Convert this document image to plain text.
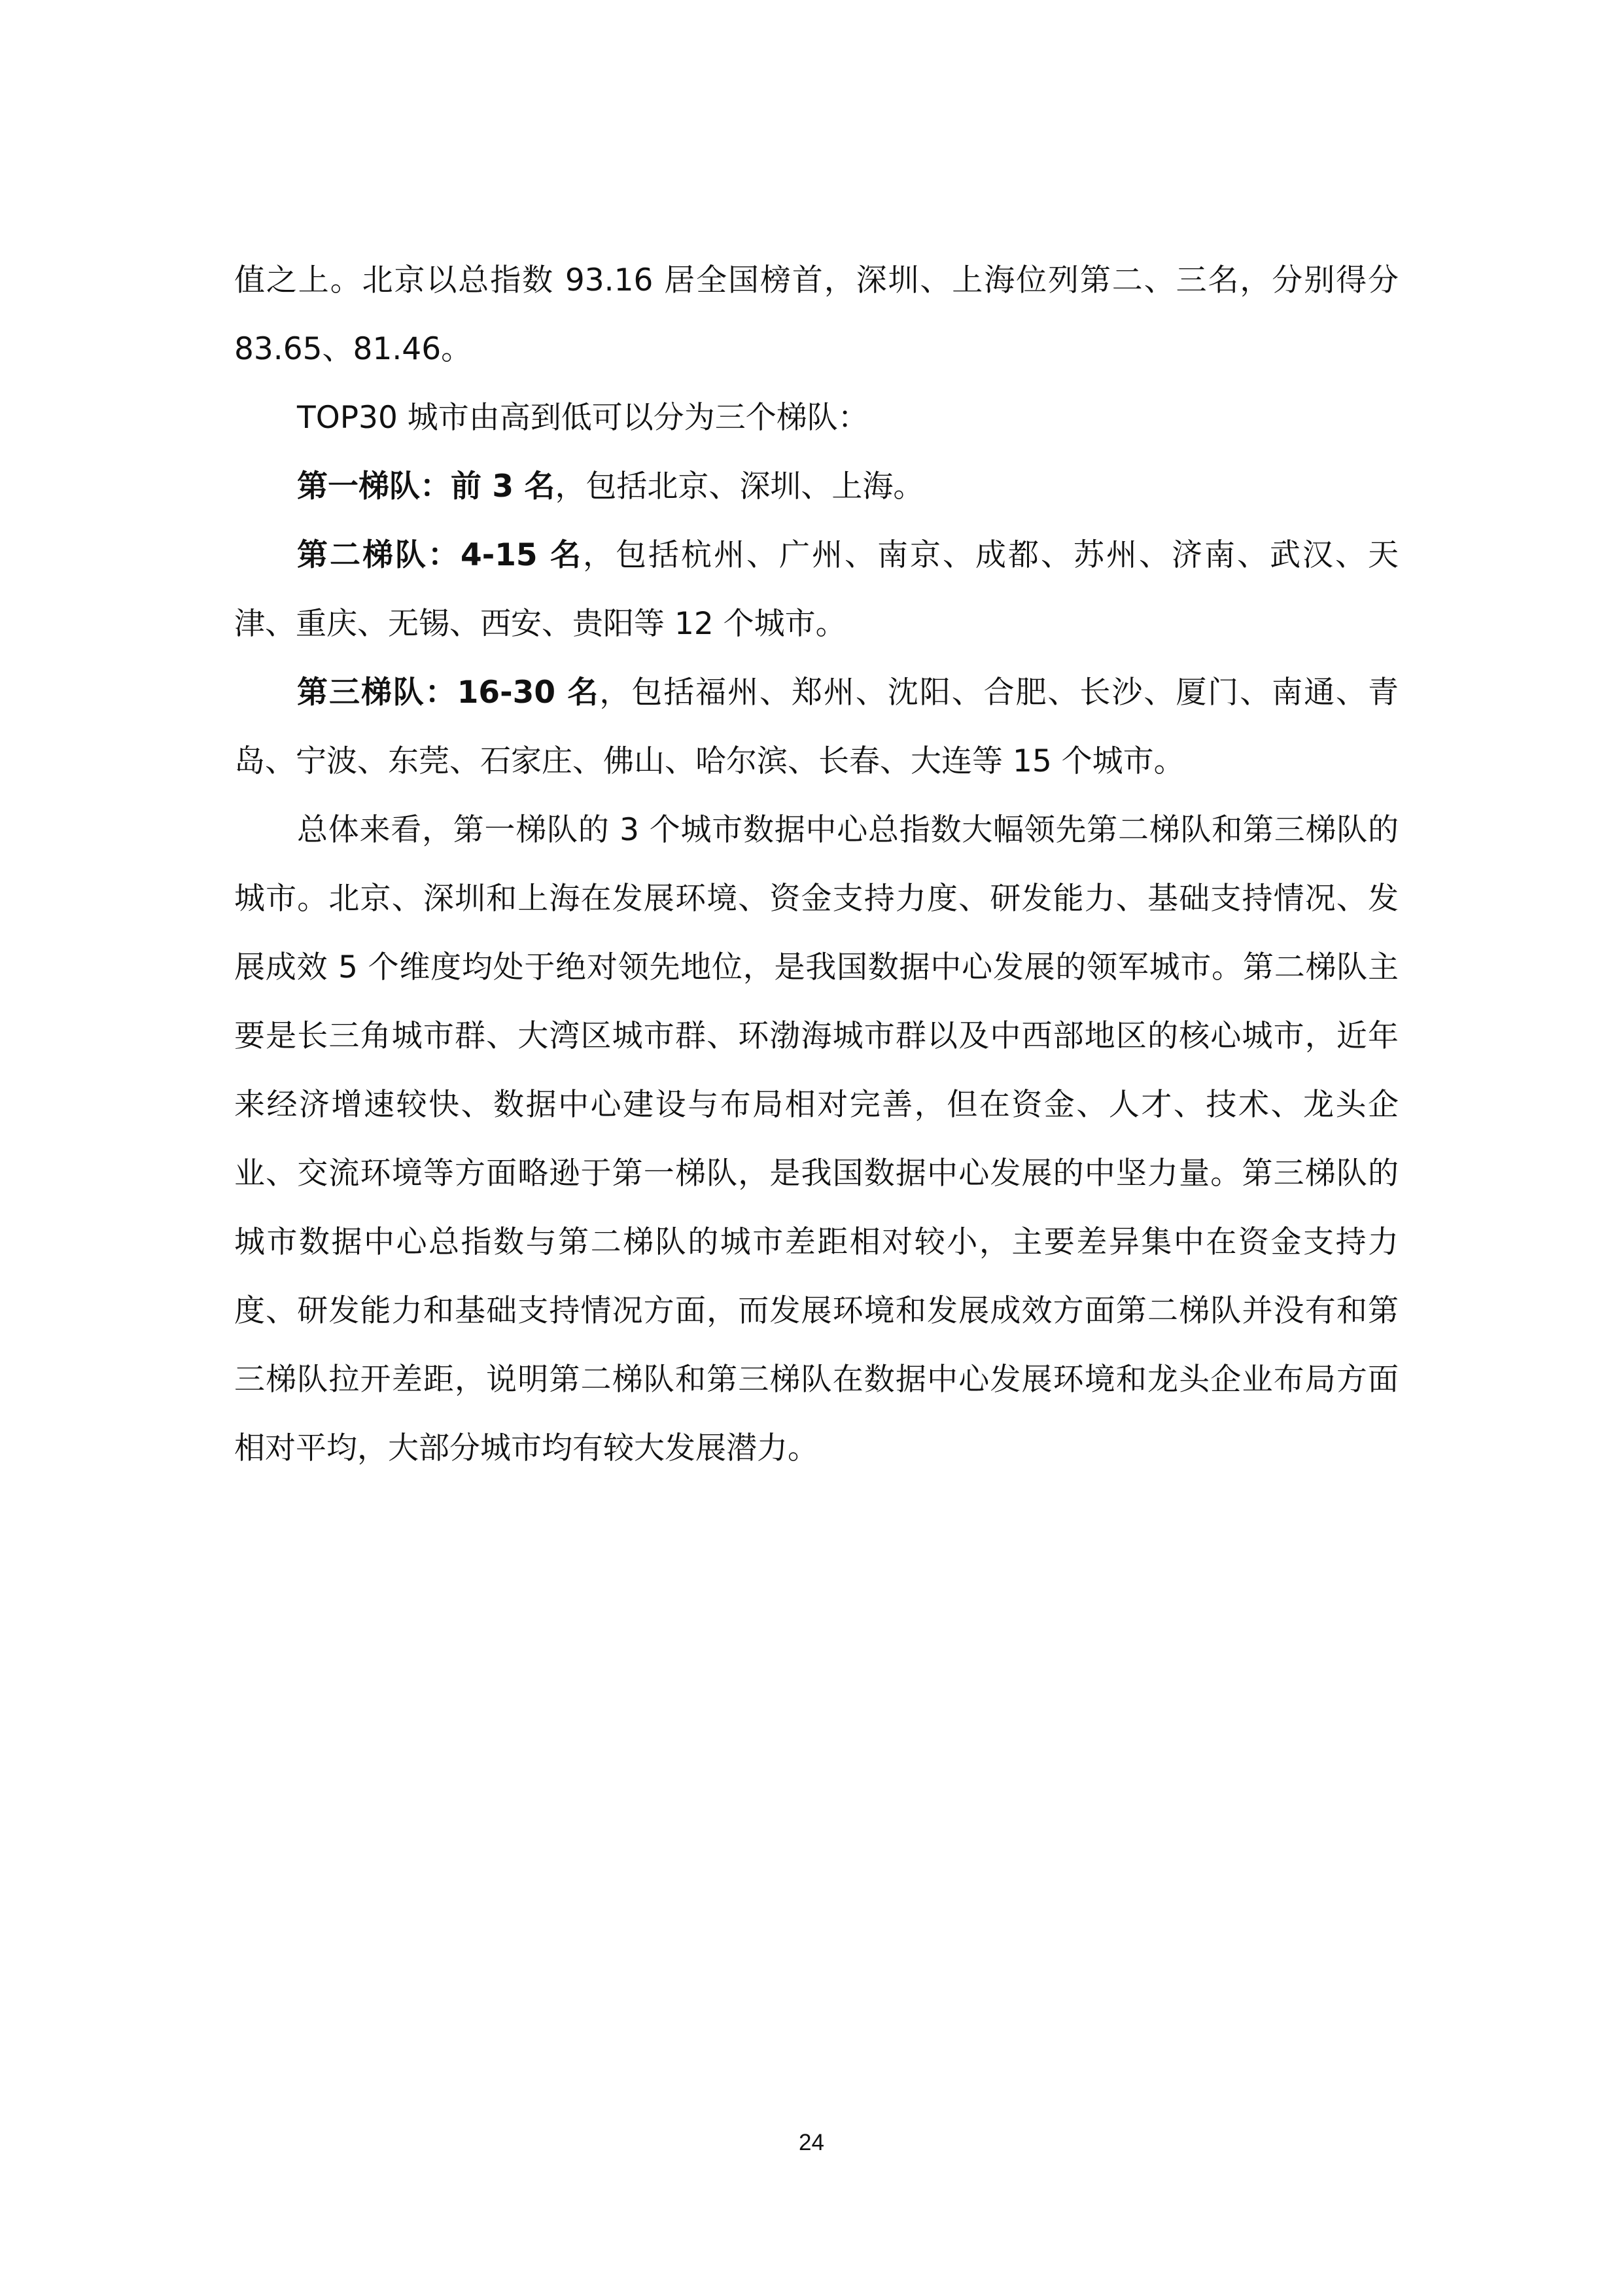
值之上。北京以总指数 93.16 居全国榜首，深圳、上海位列第二、三名，分别得分 83.65、81.46。

TOP30 城市由高到低可以分为三个梯队：

第一梯队：前 3 名，包括北京、深圳、上海。

第二梯队：4-15 名，包括杭州、广州、南京、成都、苏州、济南、武汉、天津、重庆、无锡、西安、贵阳等 12 个城市。

第三梯队：16-30 名，包括福州、郑州、沈阳、合肥、长沙、厦门、南通、青岛、宁波、东莞、石家庄、佛山、哈尔滨、长春、大连等 15 个城市。

总体来看，第一梯队的 3 个城市数据中心总指数大幅领先第二梯队和第三梯队的城市。北京、深圳和上海在发展环境、资金支持力度、研发能力、基础支持情况、发展成效 5 个维度均处于绝对领先地位，是我国数据中心发展的领军城市。第二梯队主要是长三角城市群、大湾区城市群、环渤海城市群以及中西部地区的核心城市，近年来经济增速较快、数据中心建设与布局相对完善，但在资金、人才、技术、龙头企业、交流环境等方面略逊于第一梯队，是我国数据中心发展的中坚力量。第三梯队的城市数据中心总指数与第二梯队的城市差距相对较小，主要差异集中在资金支持力度、研发能力和基础支持情况方面，而发展环境和发展成效方面第二梯队并没有和第三梯队拉开差距，说明第二梯队和第三梯队在数据中心发展环境和龙头企业布局方面相对平均，大部分城市均有较大发展潜力。

24
